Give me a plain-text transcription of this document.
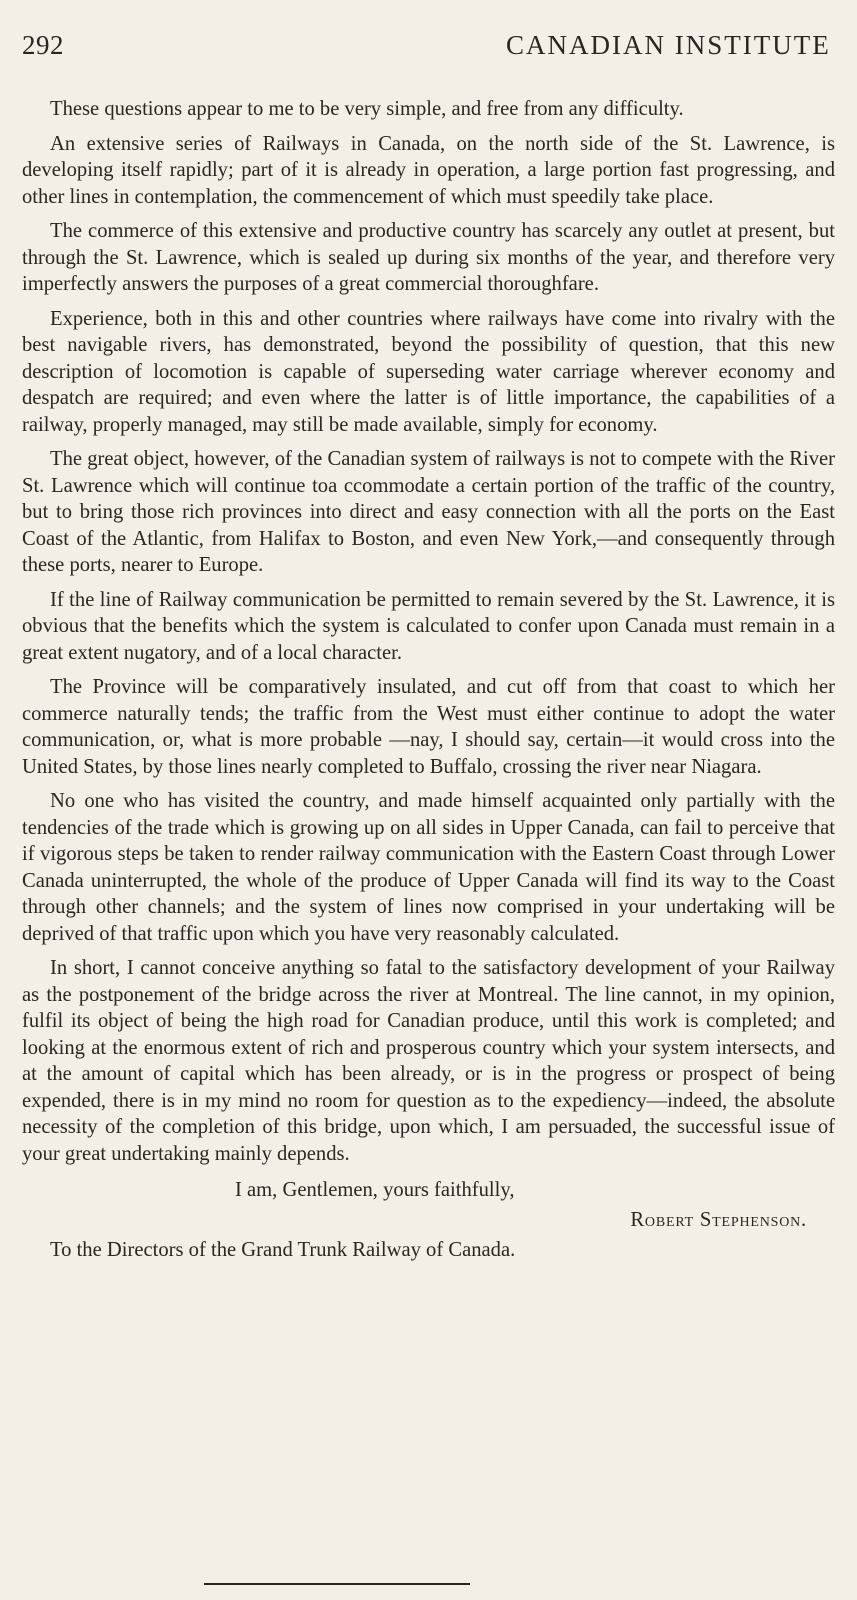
292	CANADIAN INSTITUTE

These questions appear to me to be very simple, and free from any difficulty.

An extensive series of Railways in Canada, on the north side of the St. Lawrence, is developing itself rapidly; part of it is already in operation, a large portion fast progressing, and other lines in contemplation, the commencement of which must speedily take place.

The commerce of this extensive and productive country has scarcely any outlet at present, but through the St. Lawrence, which is sealed up during six months of the year, and therefore very imperfectly answers the purposes of a great commercial thoroughfare.

Experience, both in this and other countries where railways have come into rivalry with the best navigable rivers, has demonstrated, beyond the possibility of question, that this new description of locomotion is capable of superseding water carriage wherever economy and despatch are required; and even where the latter is of little importance, the capabilities of a railway, properly managed, may still be made available, simply for economy.

The great object, however, of the Canadian system of railways is not to compete with the River St. Lawrence which will continue toa ccommodate a certain portion of the traffic of the country, but to bring those rich provinces into direct and easy connection with all the ports on the East Coast of the Atlantic, from Halifax to Boston, and even New York,—and consequently through these ports, nearer to Europe.

If the line of Railway communication be permitted to remain severed by the St. Lawrence, it is obvious that the benefits which the system is calculated to confer upon Canada must remain in a great extent nugatory, and of a local character.

The Province will be comparatively insulated, and cut off from that coast to which her commerce naturally tends; the traffic from the West must either continue to adopt the water communication, or, what is more probable —nay, I should say, certain—it would cross into the United States, by those lines nearly completed to Buffalo, crossing the river near Niagara.

No one who has visited the country, and made himself acquainted only partially with the tendencies of the trade which is growing up on all sides in Upper Canada, can fail to perceive that if vigorous steps be taken to render railway communication with the Eastern Coast through Lower Canada uninterrupted, the whole of the produce of Upper Canada will find its way to the Coast through other channels; and the system of lines now comprised in your undertaking will be deprived of that traffic upon which you have very reasonably calculated.

In short, I cannot conceive anything so fatal to the satisfactory development of your Railway as the postponement of the bridge across the river at Montreal. The line cannot, in my opinion, fulfil its object of being the high road for Canadian produce, until this work is completed; and looking at the enormous extent of rich and prosperous country which your system intersects, and at the amount of capital which has been already, or is in the progress or prospect of being expended, there is in my mind no room for question as to the expediency—indeed, the absolute necessity of the completion of this bridge, upon which, I am persuaded, the successful issue of your great undertaking mainly depends.

I am, Gentlemen, yours faithfully,
Robert Stephenson.
To the Directors of the Grand Trunk Railway of Canada.
